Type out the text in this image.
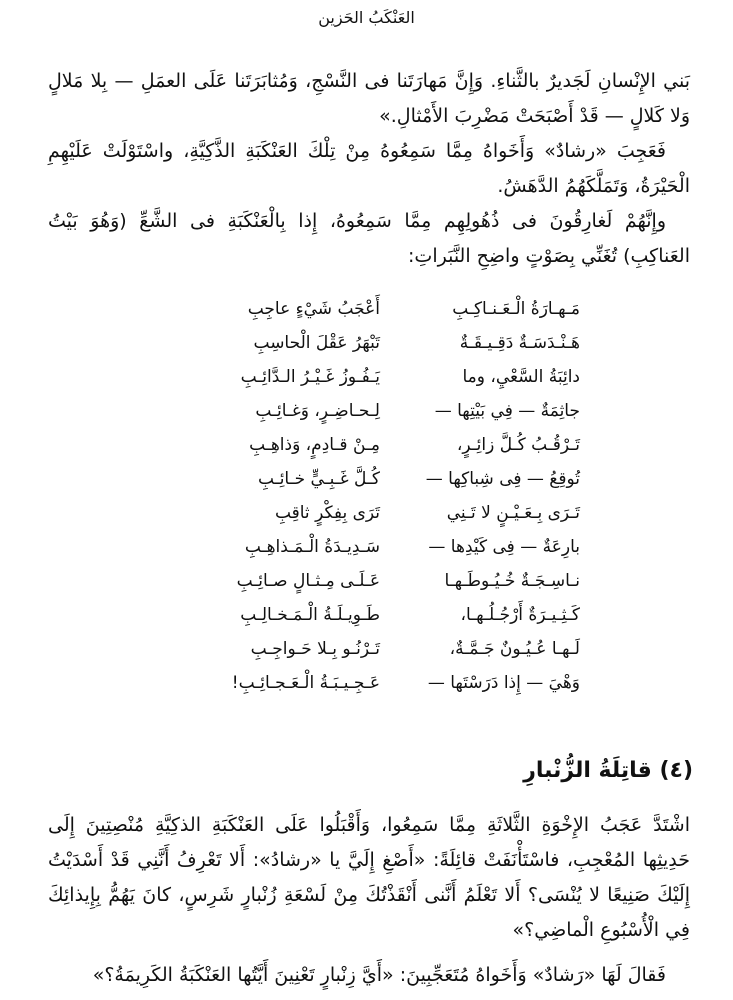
العَنْكَبُ الحَزين

بَني الإِنْسانِ لَجَديرٌ بالثَّناءِ. وَإِنَّ مَهارَتَنا فى النَّسْجِ، وَمُثابَرَتَنا عَلَى العمَلِ — بِلا مَلالٍ وَلا كَلالٍ — قَدْ أَصْبَحَتْ مَضْرِبَ الأَمْثالِ.»

فَعَجِبَ «رشادٌ» وَأَخَواهُ مِمَّا سَمِعُوهُ مِنْ تِلْكَ العَنْكَبَةِ الذَّكِيَّةِ، واسْتَوْلَتْ عَلَيْهِمِ الْحَيْرَةُ، وَتَمَلَّكَهُمُ الدَّهَشُ.

وإِنَّهُمْ لَغارِقُونَ فى ذُهُولِهِم مِمَّا سَمِعُوهُ، إِذا بِالْعَنْكَبَةِ فى الشَّعِّ (وَهُوَ بَيْتُ العَناكِبِ) تُغَنِّي بِصَوْتٍ واضِحِ النَّبَراتِ:

مَـهـارَةُ الْـعَـنـاكِـبِ
أَعْجَبُ شَيْءٍ عاجِبِ
هَـنْـدَسَـةٌ دَقِـيـقَـةٌ
تَبْهَرُ عَقْلَ الْحاسِبِ
دائِبَةُ السَّعْيِ، وما
يَـفُـوزُ غَـيْـرُ الـدَّائِـبِ
جاثِمَةٌ — فِي بَيْتِها —
لِـحـاضِـرٍ، وَغـائِـبِ
تَـرْقُـبُ كُـلَّ زائِـرٍ،
مِـنْ قـادِمٍ، وَذاهِـبِ
تُوقِعُ — فِى شِباكِها —
كُـلَّ غَـبِـيٍّ خـائِـبِ
تَـرَى بِـعَـيْـنٍ لا تَـنِي
تَرَى بِفِكْرٍ ثاقِبِ
بارِعَةٌ — فِى كَيْدِها —
سَـدِيـدَةُ الْـمَـذاهِـبِ
نـاسِـجَـةٌ خُـيُـوطَـهـا
عَـلَـى مِـثـالٍ صـائِـبِ
كَـثِـيـرَةٌ أَرْجُـلُـهـا،
طَـوِيـلَـةُ الْـمَـخـالِـبِ
لَـهـا عُـيُـونٌ جَـمَّـةٌ،
تَـرْنُـو بِـلا حَـواجِـبِ
وَهْيَ — إِذا دَرَسْتَها —
عَـجِـيـبَـةُ الْـعَـجـائِـبِ!
(٤) قاتِلَةُ الزُّنْبارِ

اشْتَدَّ عَجَبُ الإِخْوَةِ الثَّلاثَةِ مِمَّا سَمِعُوا، وَأَقْبَلُوا عَلَى العَنْكَبَةِ الذكِيَّةِ مُنْصِتِينَ إِلَى حَدِيثِها المُعْجِبِ، فاسْتَأْنَفَتْ قائِلَةً: «أَصْغِ إِلَيَّ يا «رشادُ»: أَلا تَعْرِفُ أَنَّنِي قَدْ أَسْدَيْتُ إِلَيْكَ صَنِيعًا لا يُنْسَى؟ أَلا تَعْلَمُ أَنَّنى أَنْقَذْتُكَ مِنْ لَسْعَةِ زُنْبارٍ شَرِسٍ، كانَ يَهُمُّ بِإِيذائِكَ فِي الْأُسْبُوعِ الْماضِي؟»

فَقالَ لَهَا «رَشادٌ» وَأَخَواهُ مُتَعَجِّبِينَ: «أَيَّ زِنْبارٍ تَعْنِينَ أَيَّتُها العَنْكَبَةُ الكَرِيمَةُ؟»
